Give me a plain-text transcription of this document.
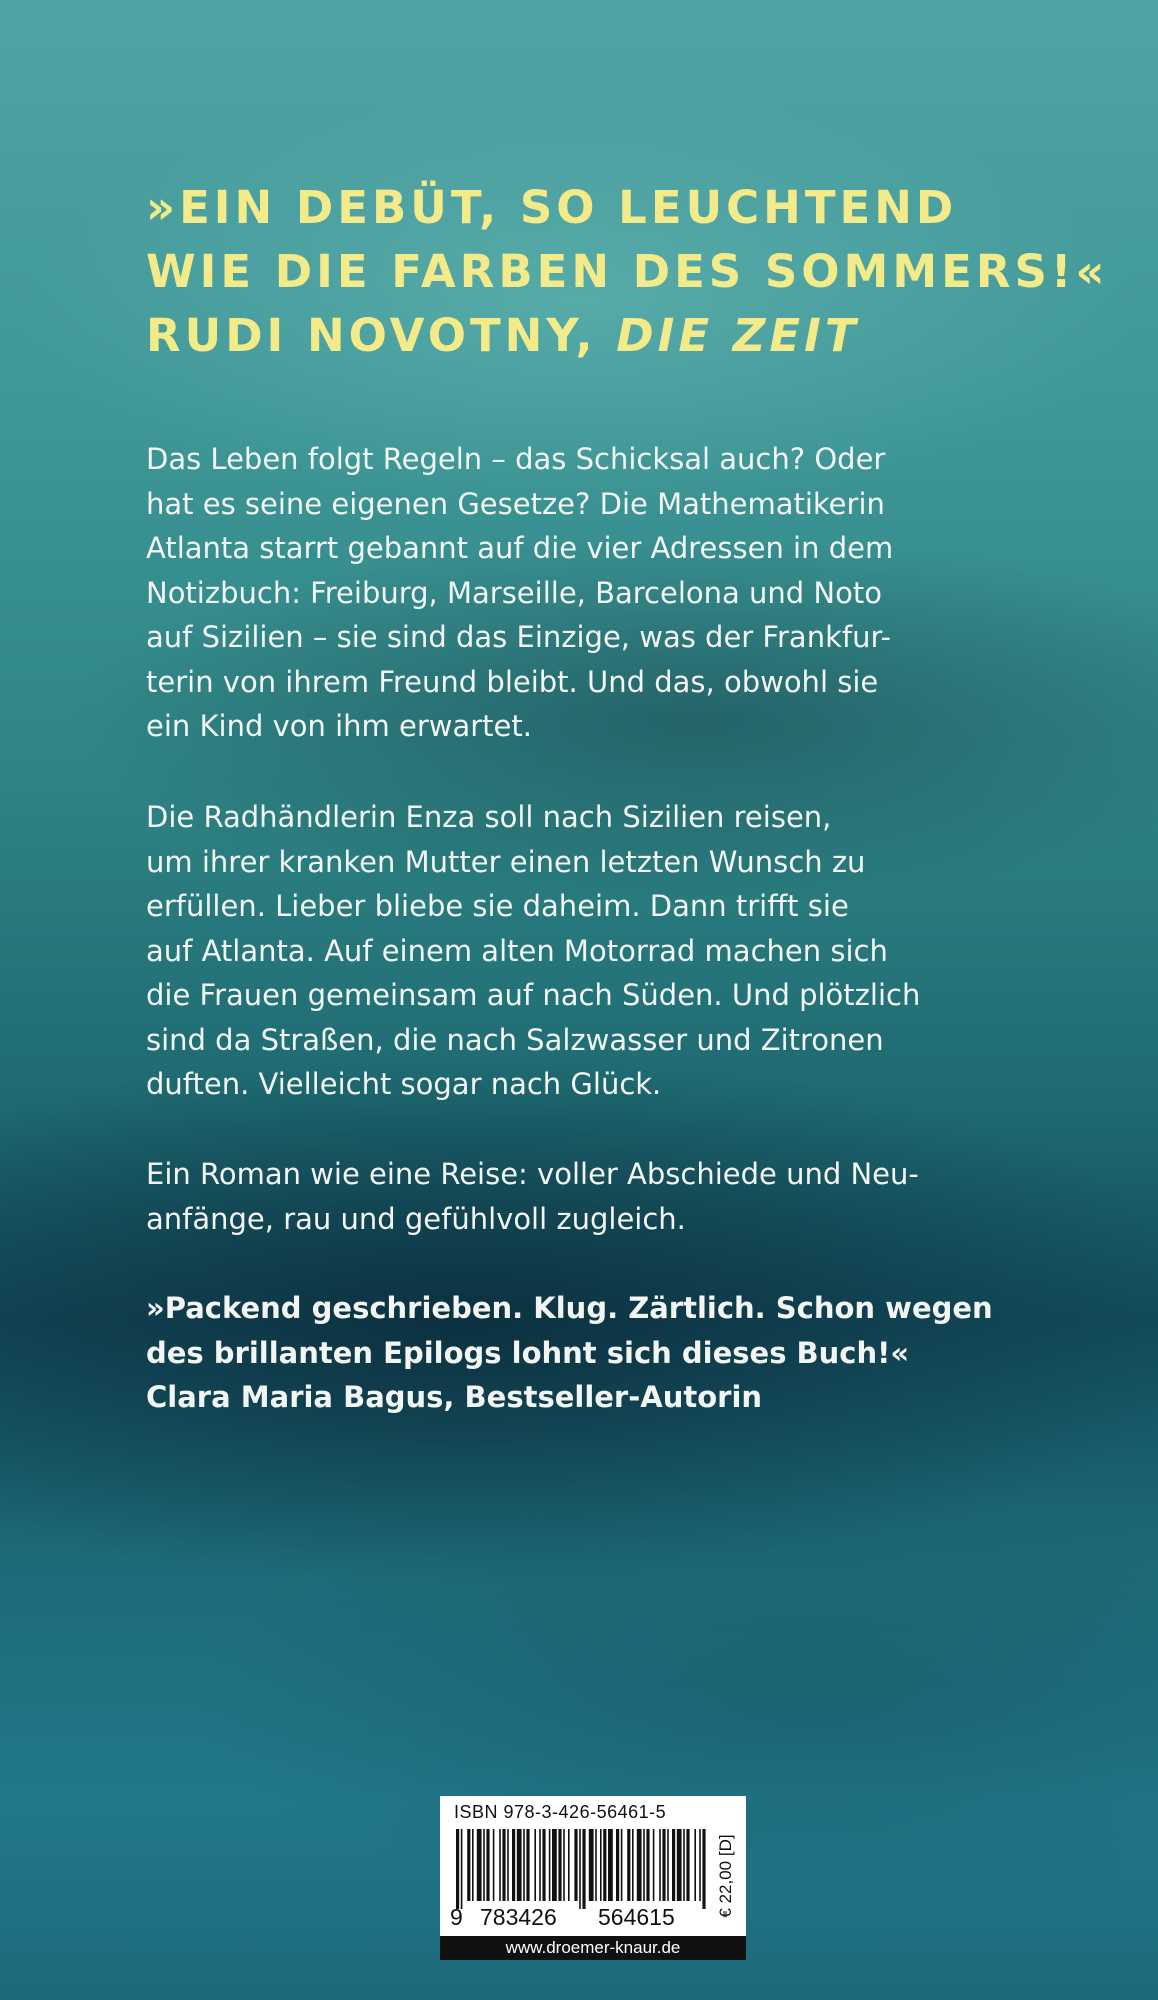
»EIN DEBÜT, SO LEUCHTEND
WIE DIE FARBEN DES SOMMERS!«
RUDI NOVOTNY, DIE ZEIT
Das Leben folgt Regeln – das Schicksal auch? Oder
hat es seine eigenen Gesetze? Die Mathematikerin
Atlanta starrt gebannt auf die vier Adressen in dem
Notizbuch: Freiburg, Marseille, Barcelona und Noto
auf Sizilien – sie sind das Einzige, was der Frankfur-
terin von ihrem Freund bleibt. Und das, obwohl sie
ein Kind von ihm erwartet.
Die Radhändlerin Enza soll nach Sizilien reisen,
um ihrer kranken Mutter einen letzten Wunsch zu
erfüllen. Lieber bliebe sie daheim. Dann trifft sie
auf Atlanta. Auf einem alten Motorrad machen sich
die Frauen gemeinsam auf nach Süden. Und plötzlich
sind da Straßen, die nach Salzwasser und Zitronen
duften. Vielleicht sogar nach Glück.
Ein Roman wie eine Reise: voller Abschiede und Neu-
anfänge, rau und gefühlvoll zugleich.
»Packend geschrieben. Klug. Zärtlich. Schon wegen
des brillanten Epilogs lohnt sich dieses Buch!«
Clara Maria Bagus, Bestseller-Autorin
ISBN 978-3-426-56461-5
9 783426 564615 € 22,00 [D]
www.droemer-knaur.de
